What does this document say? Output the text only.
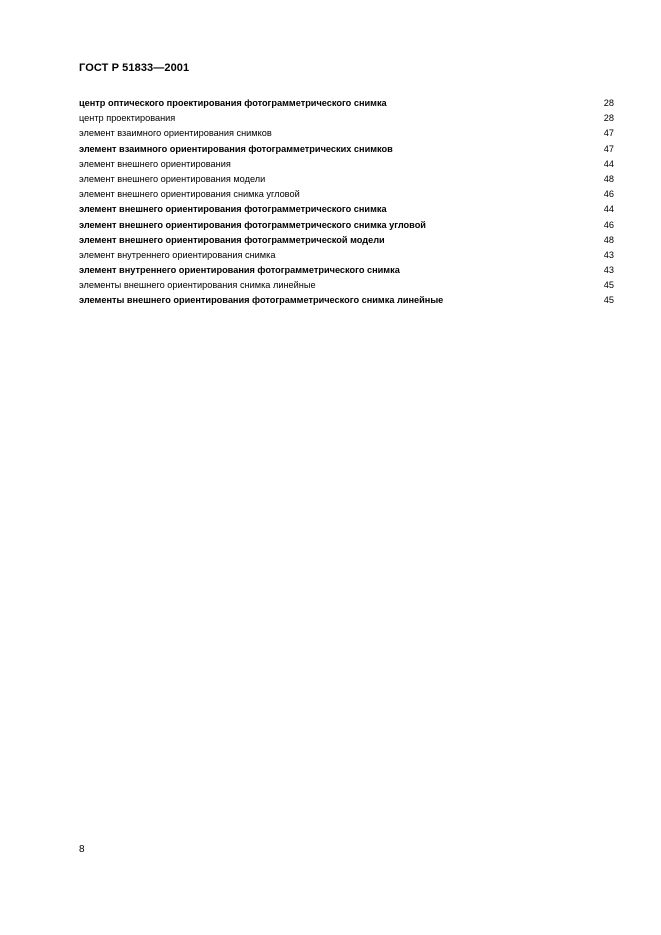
ГОСТ Р 51833—2001
центр оптического проектирования фотограмметрического снимка	28
центр проектирования	28
элемент взаимного ориентирования снимков	47
элемент взаимного ориентирования фотограмметрических снимков	47
элемент внешнего ориентирования	44
элемент внешнего ориентирования модели	48
элемент внешнего ориентирования снимка угловой	46
элемент внешнего ориентирования фотограмметрического снимка	44
элемент внешнего ориентирования фотограмметрического снимка угловой	46
элемент внешнего ориентирования фотограмметрической модели	48
элемент внутреннего ориентирования снимка	43
элемент внутреннего ориентирования фотограмметрического снимка	43
элементы внешнего ориентирования снимка линейные	45
элементы внешнего ориентирования фотограмметрического снимка линейные	45
8
